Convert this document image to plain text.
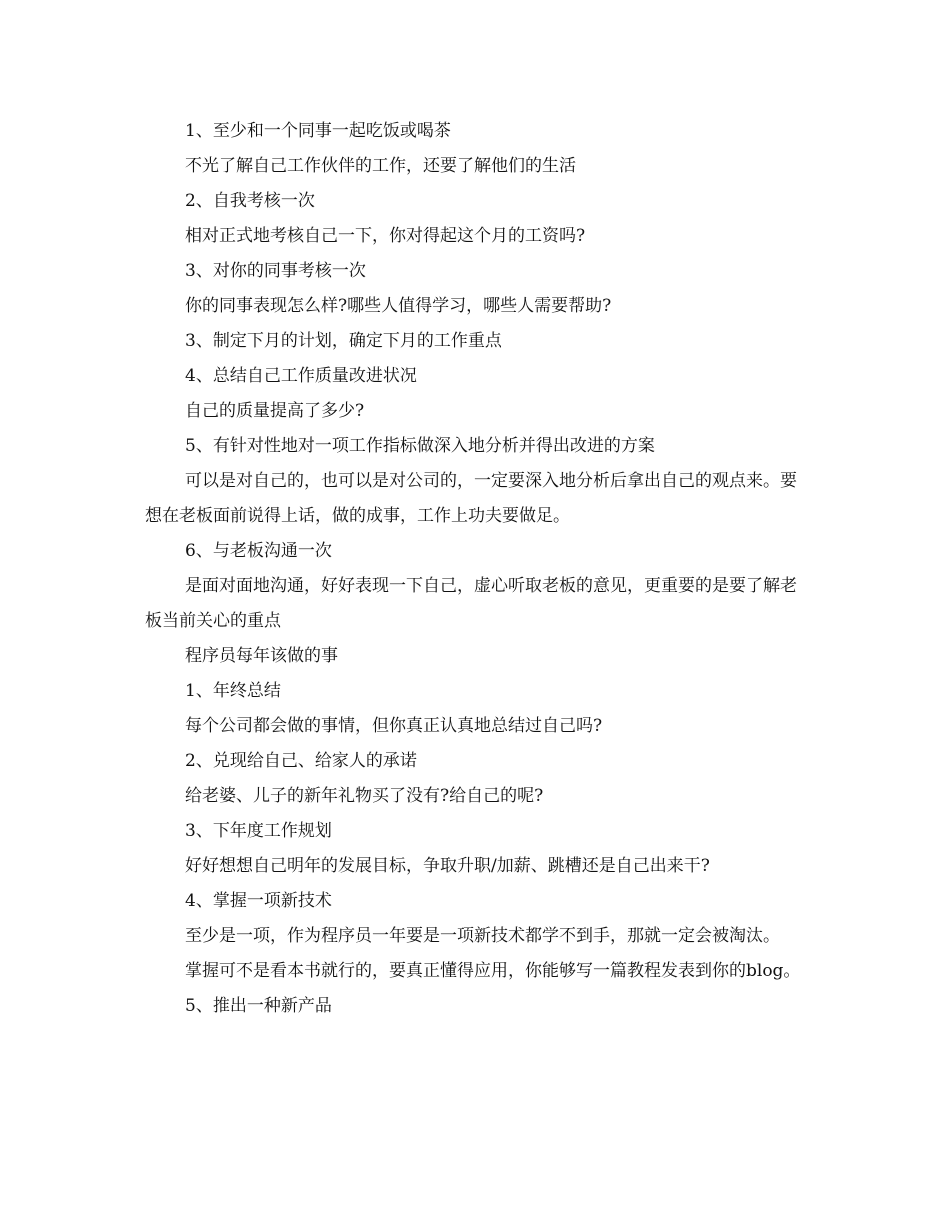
1、至少和一个同事一起吃饭或喝茶

不光了解自己工作伙伴的工作，还要了解他们的生活

2、自我考核一次

相对正式地考核自己一下，你对得起这个月的工资吗?

3、对你的同事考核一次

你的同事表现怎么样?哪些人值得学习，哪些人需要帮助?

3、制定下月的计划，确定下月的工作重点

4、总结自己工作质量改进状况

自己的质量提高了多少?

5、有针对性地对一项工作指标做深入地分析并得出改进的方案

可以是对自己的，也可以是对公司的，一定要深入地分析后拿出自己的观点来。要想在老板面前说得上话，做的成事，工作上功夫要做足。

6、与老板沟通一次

是面对面地沟通，好好表现一下自己，虚心听取老板的意见，更重要的是要了解老板当前关心的重点

程序员每年该做的事

1、年终总结

每个公司都会做的事情，但你真正认真地总结过自己吗?

2、兑现给自己、给家人的承诺

给老婆、儿子的新年礼物买了没有?给自己的呢?

3、下年度工作规划

好好想想自己明年的发展目标，争取升职/加薪、跳槽还是自己出来干?

4、掌握一项新技术

至少是一项，作为程序员一年要是一项新技术都学不到手，那就一定会被淘汰。

掌握可不是看本书就行的，要真正懂得应用，你能够写一篇教程发表到你的blog。

5、推出一种新产品
